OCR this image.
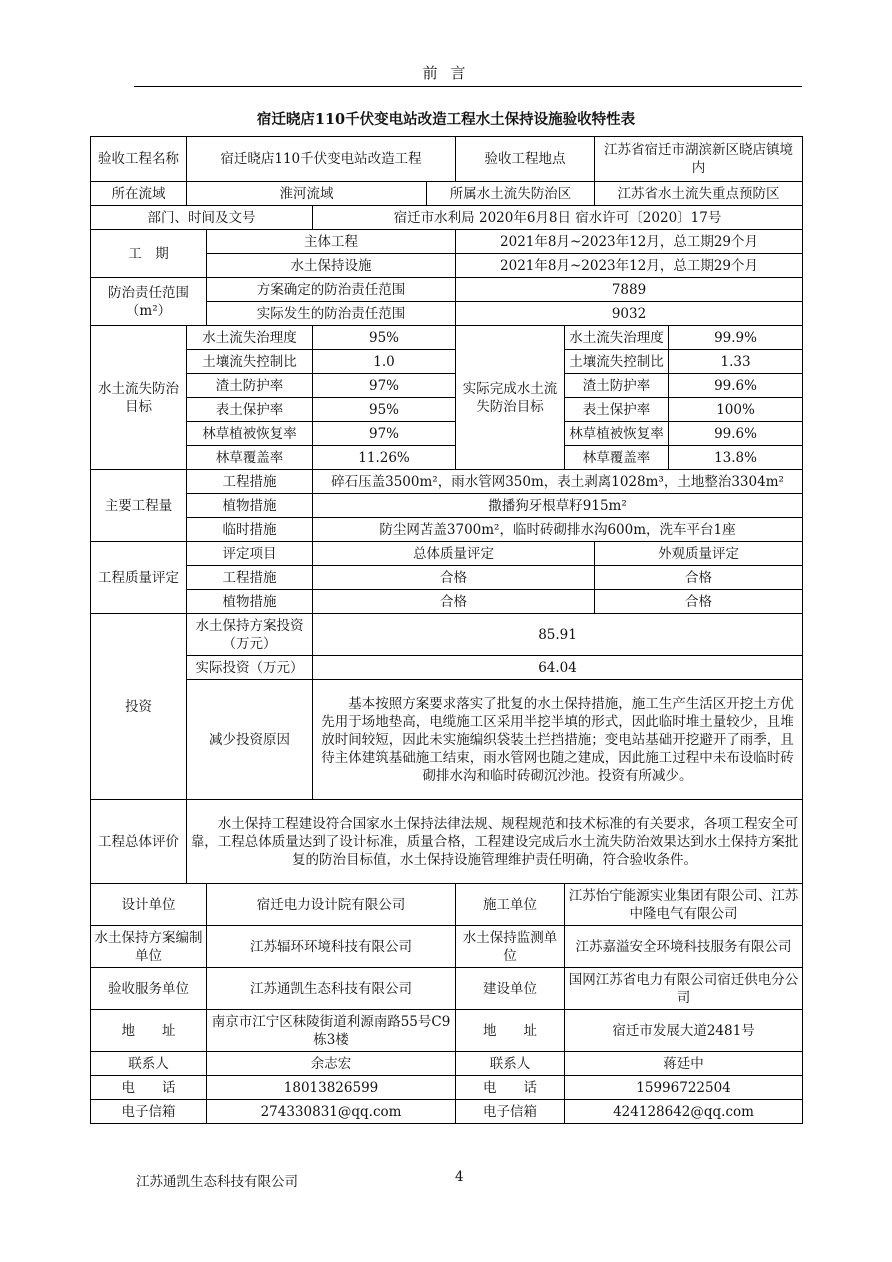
前 言
宿迁晓店110千伏变电站改造工程水土保持设施验收特性表
验收工程名称	宿迁晓店110千伏变电站改造工程				验收工程地点		江苏省宿迁市湖滨新区晓店镇境内	
所在流域	淮河流域			所属水土流失防治区			江苏省水土流失重点预防区	
部门、时间及文号			宿迁市水利局 2020年6月8日 宿水许可〔2020〕17号					
工　期		主体工程			2021年8月~2023年12月，总工期29个月			
		水土保持设施			2021年8月~2023年12月，总工期29个月			
防治责任范围
（m²）		方案确定的防治责任范围			7889			
		实际发生的防治责任范围			9032			
水土流失防治目标	水土流失治理度		95%		实际完成水土流失防治目标	水土流失治理度		99.9%
	土壤流失控制比		1.0			土壤流失控制比		1.33
	渣土防护率		97%			渣土防护率		99.6%
	表土保护率		95%			表土保护率		100%
	林草植被恢复率		97%			林草植被恢复率		99.6%
	林草覆盖率		11.26%			林草覆盖率		13.8%
主要工程量	工程措施		碎石压盖3500m²，雨水管网350m，表土剥离1028m³，土地整治3304m²					
	植物措施		撒播狗牙根草籽915m²					
	临时措施		防尘网苫盖3700m²，临时砖砌排水沟600m，洗车平台1座					
工程质量评定	评定项目		总体质量评定				外观质量评定	
	工程措施		合格				合格	
	植物措施		合格				合格	
投资	水土保持方案投资（万元）		85.91					
	实际投资（万元）		64.04					
	减少投资原因		基本按照方案要求落实了批复的水土保持措施，施工生产生活区开挖土方优先用于场地垫高，电缆施工区采用半挖半填的形式，因此临时堆土量较少，且堆放时间较短，因此未实施编织袋装土拦挡措施；变电站基础开挖避开了雨季，且待主体建筑基础施工结束，雨水管网也随之建成，因此施工过程中未布设临时砖砌排水沟和临时砖砌沉沙池。投资有所减少。					
工程总体评价	水土保持工程建设符合国家水土保持法律法规、规程规范和技术标准的有关要求，各项工程安全可靠，工程总体质量达到了设计标准，质量合格，工程建设完成后水土流失防治效果达到水土保持方案批复的防治目标值，水土保持设施管理维护责任明确，符合验收条件。							
设计单位		宿迁电力设计院有限公司			施工单位	江苏怡宁能源实业集团有限公司、江苏中隆电气有限公司		
水土保持方案编制单位		江苏辐环环境科技有限公司			水土保持监测单位	江苏嘉溢安全环境科技服务有限公司		
验收服务单位		江苏通凯生态科技有限公司			建设单位	国网江苏省电力有限公司宿迁供电分公司		
地　　址		南京市江宁区秣陵街道利源南路55号C9栋3楼			地　　址	宿迁市发展大道2481号		
联系人		余志宏			联系人	蒋廷中		
电　　话		18013826599			电　　话	15996722504		
电子信箱		274330831@qq.com			电子信箱	424128642@qq.com		
江苏通凯生态科技有限公司	4
